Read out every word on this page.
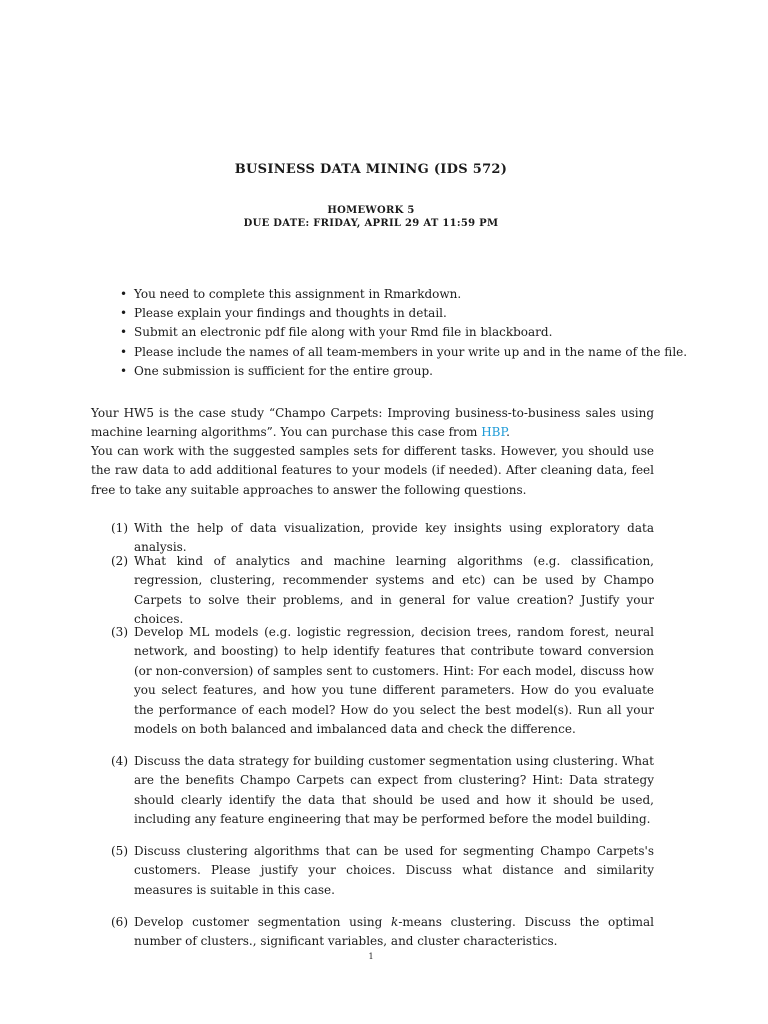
BUSINESS DATA MINING (IDS 572)
HOMEWORK 5
DUE DATE: FRIDAY, APRIL 29 AT 11:59 PM
• You need to complete this assignment in Rmarkdown.
• Please explain your findings and thoughts in detail.
• Submit an electronic pdf file along with your Rmd file in blackboard.
• Please include the names of all team-members in your write up and in the name of the file.
• One submission is sufficient for the entire group.
Your HW5 is the case study “Champo Carpets: Improving business-to-business sales using machine learning algorithms”. You can purchase this case from HBP.
You can work with the suggested samples sets for different tasks. However, you should use the raw data to add additional features to your models (if needed). After cleaning data, feel free to take any suitable approaches to answer the following questions.
(1) With the help of data visualization, provide key insights using exploratory data analysis.
(2) What kind of analytics and machine learning algorithms (e.g. classification, regression, clustering, recommender systems and etc) can be used by Champo Carpets to solve their problems, and in general for value creation? Justify your choices.
(3) Develop ML models (e.g. logistic regression, decision trees, random forest, neural network, and boosting) to help identify features that contribute toward conversion (or non-conversion) of samples sent to customers. Hint: For each model, discuss how you select features, and how you tune different parameters. How do you evaluate the performance of each model? How do you select the best model(s). Run all your models on both balanced and imbalanced data and check the difference.
(4) Discuss the data strategy for building customer segmentation using clustering. What are the benefits Champo Carpets can expect from clustering? Hint: Data strategy should clearly identify the data that should be used and how it should be used, including any feature engineering that may be performed before the model building.
(5) Discuss clustering algorithms that can be used for segmenting Champo Carpets's customers. Please justify your choices. Discuss what distance and similarity measures is suitable in this case.
(6) Develop customer segmentation using k-means clustering. Discuss the optimal number of clusters., significant variables, and cluster characteristics.
1
